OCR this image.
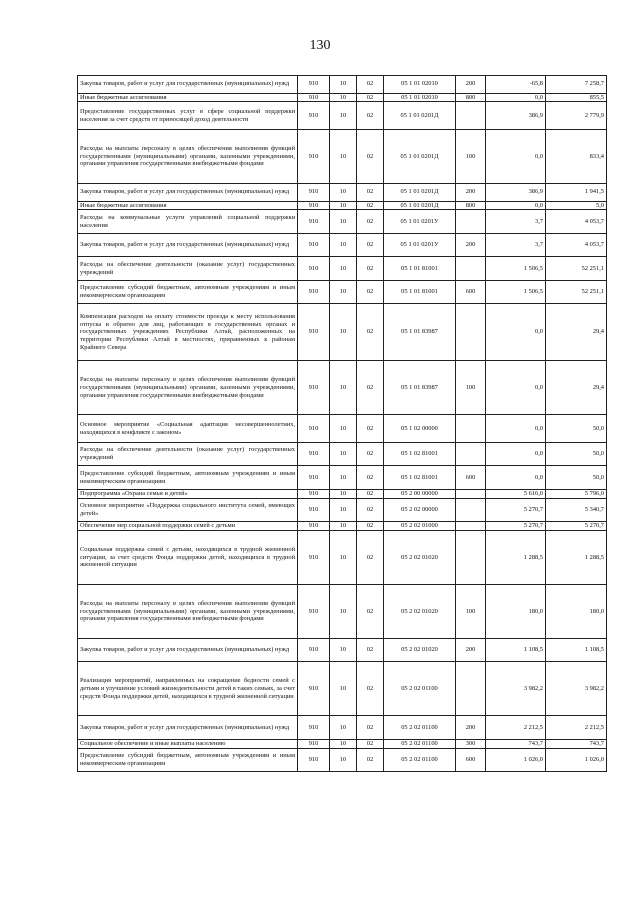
130
Закупка товаров, работ и услуг для государственных (муниципальных) нужд	910	10	02	05 1 01 02010	200	-65,8	7 258,7
Иные бюджетные ассигнования	910	10	02	05 1 01 02010	800	0,0	855,5
Предоставление государственных услуг в сфере социальной поддержки населения за счет средств от приносящей доход деятельности	910	10	02	05 1 01 0201Д		386,9	2 779,9
Расходы на выплаты персоналу в целях обеспечения выполнения функций государственными (муниципальными) органами, казенными учреждениями, органами управления государственными внебюджетными фондами	910	10	02	05 1 01 0201Д	100	0,0	833,4
Закупка товаров, работ и услуг для государственных (муниципальных) нужд	910	10	02	05 1 01 0201Д	200	386,9	1 941,5
Иные бюджетные ассигнования	910	10	02	05 1 01 0201Д	800	0,0	5,0
Расходы на коммунальные услуги управлений социальной поддержки населения	910	10	02	05 1 01 0201У		3,7	4 053,7
Закупка товаров, работ и услуг для государственных (муниципальных) нужд	910	10	02	05 1 01 0201У	200	3,7	4 053,7
Расходы на обеспечение деятельности (оказание услуг) государственных учреждений	910	10	02	05 1 01 81001		1 506,5	52 251,1
Предоставление субсидий бюджетным, автономным учреждениям и иным некоммерческим организациям	910	10	02	05 1 01 81001	600	1 506,5	52 251,1
Компенсация расходов на оплату стоимости проезда к месту использования отпуска и обратно для лиц, работающих в государственных органах и государственных учреждениях Республики Алтай, расположенных на территории Республики Алтай в местностях, приравненных к районам Крайнего Севера	910	10	02	05 1 01 83987		0,0	29,4
Расходы на выплаты персоналу в целях обеспечения выполнения функций государственными (муниципальными) органами, казенными учреждениями, органами управления государственными внебюджетными фондами	910	10	02	05 1 01 83987	100	0,0	29,4
Основное мероприятие «Социальная адаптация несовершеннолетних, находящихся в конфликте с законом»	910	10	02	05 1 02 00000		0,0	50,0
Расходы на обеспечение деятельности (оказание услуг) государственных учреждений	910	10	02	05 1 02 81001		0,0	50,0
Предоставление субсидий бюджетным, автономным учреждениям и иным некоммерческим организациям	910	10	02	05 1 02 81001	600	0,0	50,0
Подпрограмма «Охрана семьи и детей»	910	10	02	05 2 00 00000		5 616,0	5 796,0
Основное мероприятие «Поддержка социального института семей, имеющих детей»	910	10	02	05 2 02 00000		5 270,7	5 340,7
Обеспечение мер социальной поддержки семей с детьми	910	10	02	05 2 02 01000		5 270,7	5 270,7
Социальная поддержка семей с детьми, находящихся в трудной жизненной ситуации, за счет средств Фонда поддержки детей, находящихся в трудной жизненной ситуации	910	10	02	05 2 02 01020		1 288,5	1 288,5
Расходы на выплаты персоналу в целях обеспечения выполнения функций государственными (муниципальными) органами, казенными учреждениями, органами управления государственными внебюджетными фондами	910	10	02	05 2 02 01020	100	180,0	180,0
Закупка товаров, работ и услуг для государственных (муниципальных) нужд	910	10	02	05 2 02 01020	200	1 108,5	1 108,5
Реализация мероприятий, направленных на сокращение бедности семей с детьми и улучшение условий жизнедеятельности детей в таких семьях, за счет средств Фонда поддержки детей, находящихся в трудной жизненной ситуации	910	10	02	05 2 02 01100		3 982,2	3 982,2
Закупка товаров, работ и услуг для государственных (муниципальных) нужд	910	10	02	05 2 02 01100	200	2 212,5	2 212,5
Социальное обеспечение и иные выплаты населению	910	10	02	05 2 02 01100	300	743,7	743,7
Предоставление субсидий бюджетным, автономным учреждениям и иным некоммерческим организациям	910	10	02	05 2 02 01100	600	1 026,0	1 026,0
